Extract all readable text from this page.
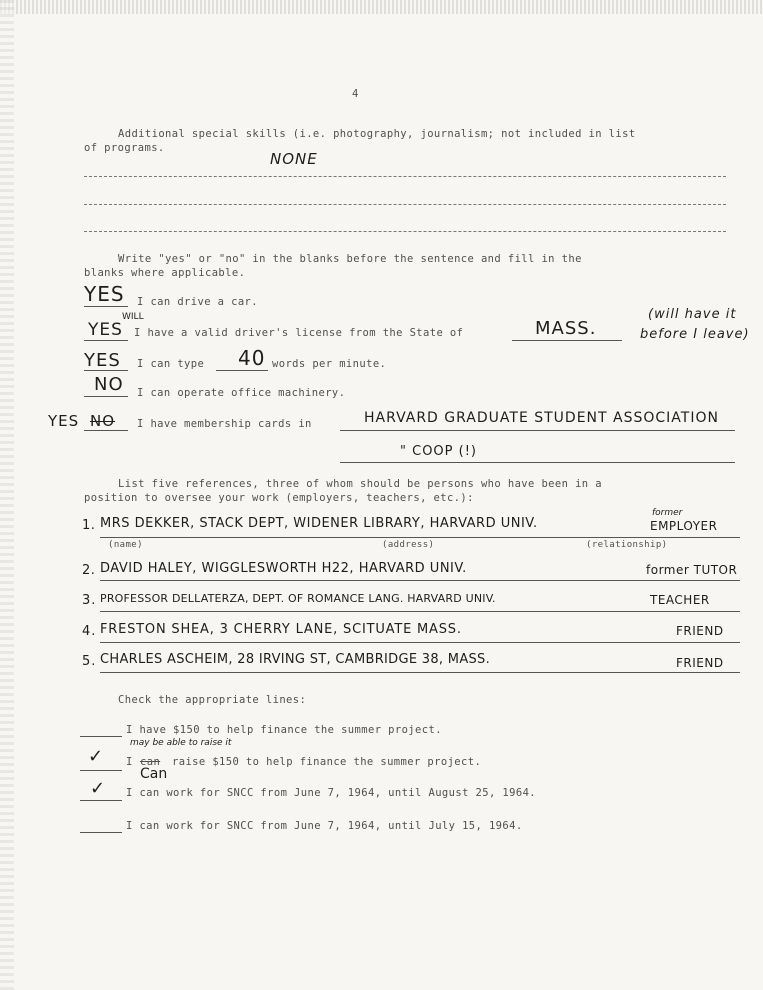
4
Additional special skills (i.e. photography, journalism; not included in list
of programs.
NONE
Write "yes" or "no" in the blanks before the sentence and fill in the
blanks where applicable.
YES I can drive a car.
WILL
YES I have a valid driver's license from the State of	MASS.
(will have it
before I leave)
YES I can type 40 words per minute.
NO I can operate office machinery.
YES NO I have membership cards in	HARVARD GRADUATE STUDENT ASSOCIATION
" COOP (!)
List five references, three of whom should be persons who have been in a
position to oversee your work (employers, teachers, etc.):
former
1. MRS DEKKER, STACK DEPT, WIDENER LIBRARY, HARVARD UNIV.	EMPLOYER
(name)	(address)	(relationship)
2. DAVID HALEY, WIGGLESWORTH H22, HARVARD UNIV.	former TUTOR
3. PROFESSOR DELLATERZA, DEPT. OF ROMANCE LANG. HARVARD UNIV.	TEACHER
4. FRESTON SHEA, 3 CHERRY LANE, SCITUATE MASS.	FRIEND
5. CHARLES ASCHEIM, 28 IRVING ST, CAMBRIDGE 38, MASS.	FRIEND
Check the appropriate lines:
I have $150 to help finance the summer project.
may be able to raise it
✓ I can raise $150 to help finance the summer project.
Can
✓ I can work for SNCC from June 7, 1964, until August 25, 1964.
I can work for SNCC from June 7, 1964, until July 15, 1964.
